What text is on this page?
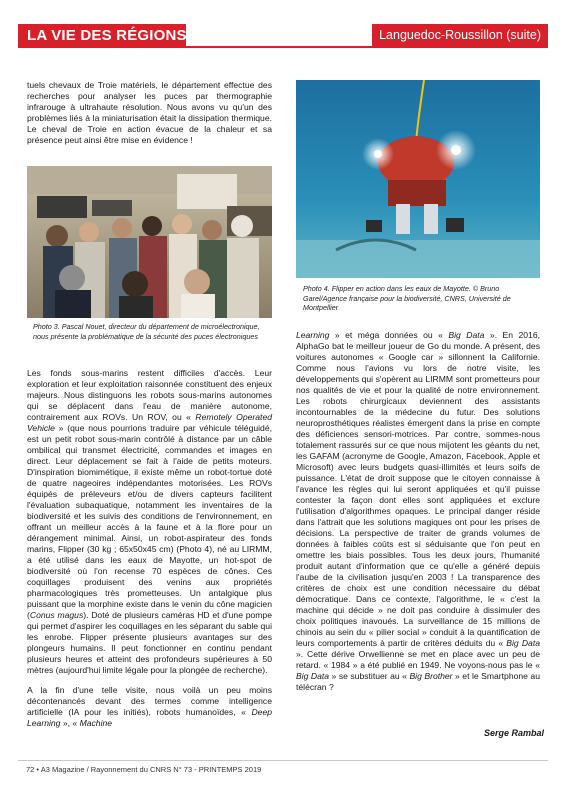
LA VIE DES RÉGIONS	Languedoc-Roussillon (suite)

tuels chevaux de Troie matériels, le département effectue des recherches pour analyser les puces par thermographie infrarouge à ultrahaute résolution. Nous avons vu qu'un des problèmes liés à la miniaturisation était la dissipation thermique. Le cheval de Troie en action évacue de la chaleur et sa présence peut ainsi être mise en évidence !

Photo 3. Pascal Nouet, directeur du département de microélectronique, nous présente la problématique de la sécurité des puces électroniques

Les fonds sous-marins restent difficiles d'accès. Leur exploration et leur exploitation raisonnée constituent des enjeux majeurs. Nous distinguons les robots sous-marins autonomes qui se déplacent dans l'eau de manière autonome, contrairement aux ROVs. Un ROV, ou « Remotely Operated Vehicle » (que nous pourrions traduire par véhicule téléguidé, est un petit robot sous-marin contrôlé à distance par un câble ombilical qui transmet électricité, commandes et images en direct. Leur déplacement se fait à l'aide de petits moteurs. D'inspiration biomimétique, il existe même un robot-tortue doté de quatre nageoires indépendantes motorisées. Les ROVs équipés de préleveurs et/ou de divers capteurs facilitent l'évaluation subaquatique, notamment les inventaires de la biodiversité et les suivis des conditions de l'environnement, en offrant un meilleur accès à la faune et à la flore pour un dérangement minimal. Ainsi, un robot-aspirateur des fonds marins, Flipper (30 kg ; 65x50x45 cm) (Photo 4), né au LIRMM, a été utilisé dans les eaux de Mayotte, un hot-spot de biodiversité où l'on recense 70 espèces de cônes. Ces coquillages produisent des venins aux propriétés pharmacologiques très prometteuses. Un antalgique plus puissant que la morphine existe dans le venin du cône magicien (Conus magus). Doté de plusieurs caméras HD et d'une pompe qui permet d'aspirer les coquillages en les séparant du sable qui les enrobe. Flipper présente plusieurs avantages sur des plongeurs humains. Il peut fonctionner en continu pendant plusieurs heures et atteint des profondeurs supérieures à 50 mètres (aujourd'hui limite légale pour la plongée de recherche).

A la fin d'une telle visite, nous voilà un peu moins décontenancés devant des termes comme intelligence artificielle (IA pour les initiés), robots humanoïdes, « Deep Learning », « Machine

Photo 4. Flipper en action dans les eaux de Mayotte. © Bruno Garel/Agence française pour la biodiversité, CNRS, Université de Montpellier

Learning » et méga données ou « Big Data ». En 2016, AlphaGo bat le meilleur joueur de Go du monde. A présent, des voitures autonomes « Google car » sillonnent la Californie. Comme nous l'avions vu lors de notre visite, les développements qui s'opèrent au LIRMM sont prometteurs pour nos qualités de vie et pour la qualité de notre environnement. Les robots chirurgicaux deviennent des assistants incontournables de la médecine du futur. Des solutions neuroprosthétiques réalistes émergent dans la prise en compte des déficiences sensori-motrices. Par contre, sommes-nous totalement rassurés sur ce que nous mijotent les géants du net, les GAFAM (acronyme de Google, Amazon, Facebook, Apple et Microsoft) avec leurs budgets quasi-illimités et leurs soifs de puissance. L'état de droit suppose que le citoyen connaisse à l'avance les règles qui lui seront appliquées et qu'il puisse contester la façon dont elles sont appliquées et exclure l'utilisation d'algorithmes opaques. Le principal danger réside dans l'attrait que les solutions magiques ont pour les prises de décisions. La perspective de traiter de grands volumes de données à faibles coûts est si séduisante que l'on peut en omettre les biais possibles. Tous les deux jours, l'humanité produit autant d'information que ce qu'elle a généré depuis l'aube de la civilisation jusqu'en 2003 ! La transparence des critères de choix est une condition nécessaire du débat démocratique. Dans ce contexte, l'algorithme, le « c'est la machine qui décide » ne doit pas conduire à dissimuler des choix politiques inavoués. La surveillance de 15 millions de chinois au sein du « pilier social » conduit à la quantification de leurs comportements à partir de critères déduits du « Big Data ». Cette dérive Orwellienne se met en place avec un peu de retard. « 1984 » a été publié en 1949. Ne voyons-nous pas le « Big Data » se substituer au « Big Brother » et le Smartphone au télécran ?

Serge Rambal
72 • A3 Magazine / Rayonnement du CNRS N° 73 - PRINTEMPS 2019
